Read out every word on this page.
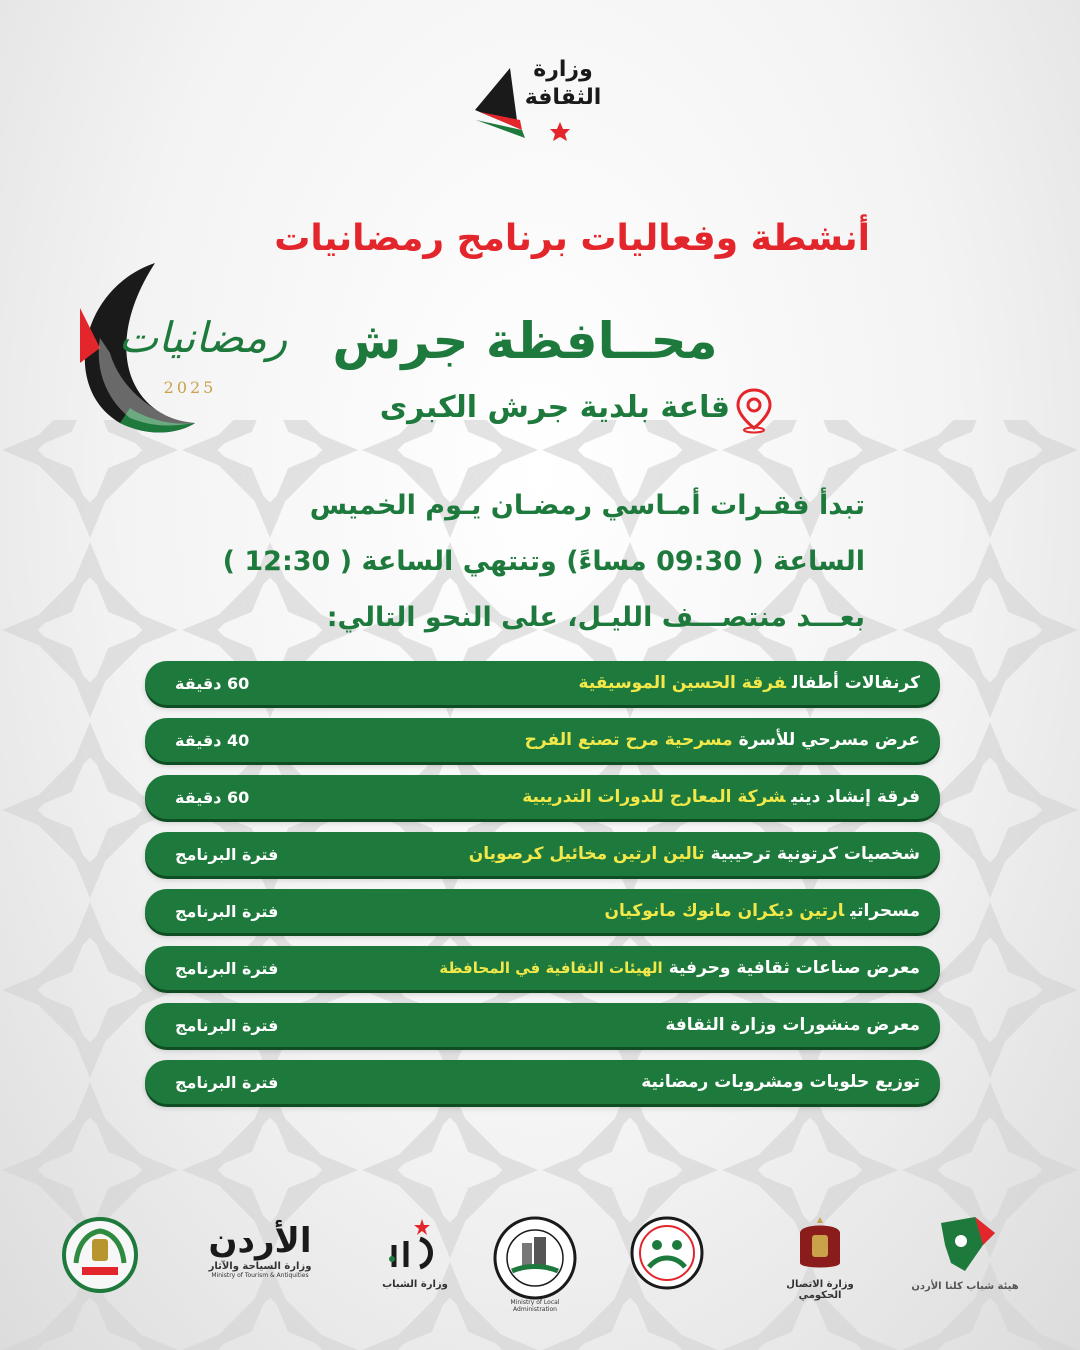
وزارة
الثقافة
أنشطة وفعاليات برنامج رمضانيات
رمضانيات
2025
محــافظة جرش
قاعة بلدية جرش الكبرى
تبدأ فقـرات أمـاسي رمضـان يـوم الخميس
الساعة ( 09:30 مساءً) وتنتهي الساعة ( 12:30 )
بعـــد منتصـــف الليـل، على النحو التالي:
كرنفالات أطفالفرقة الحسين الموسيقية
60 دقيقة
عرض مسرحي للأسرةمسرحية مرح تصنع الفرح
40 دقيقة
فرقة إنشاد دينيشركة المعارج للدورات التدريبية
60 دقيقة
شخصيات كرتونية ترحيبيةتالين ارتين مخائيل كرصويان
فترة البرنامج
مسحراتيارتين ديكران مانوك مانوكيان
فترة البرنامج
معرض صناعات ثقافية وحرفيةالهيئات الثقافية في المحافظة
فترة البرنامج
معرض منشورات وزارة الثقافة
فترة البرنامج
توزيع حلويات ومشروبات رمضانية
فترة البرنامج
الأردن
وزارة السياحة والآثار
Ministry of Tourism & Antiquities
وزارة الشباب
Ministry of Local Administration
وزارة الاتصال الحكومي
هيئة شباب كلنا الأردن
